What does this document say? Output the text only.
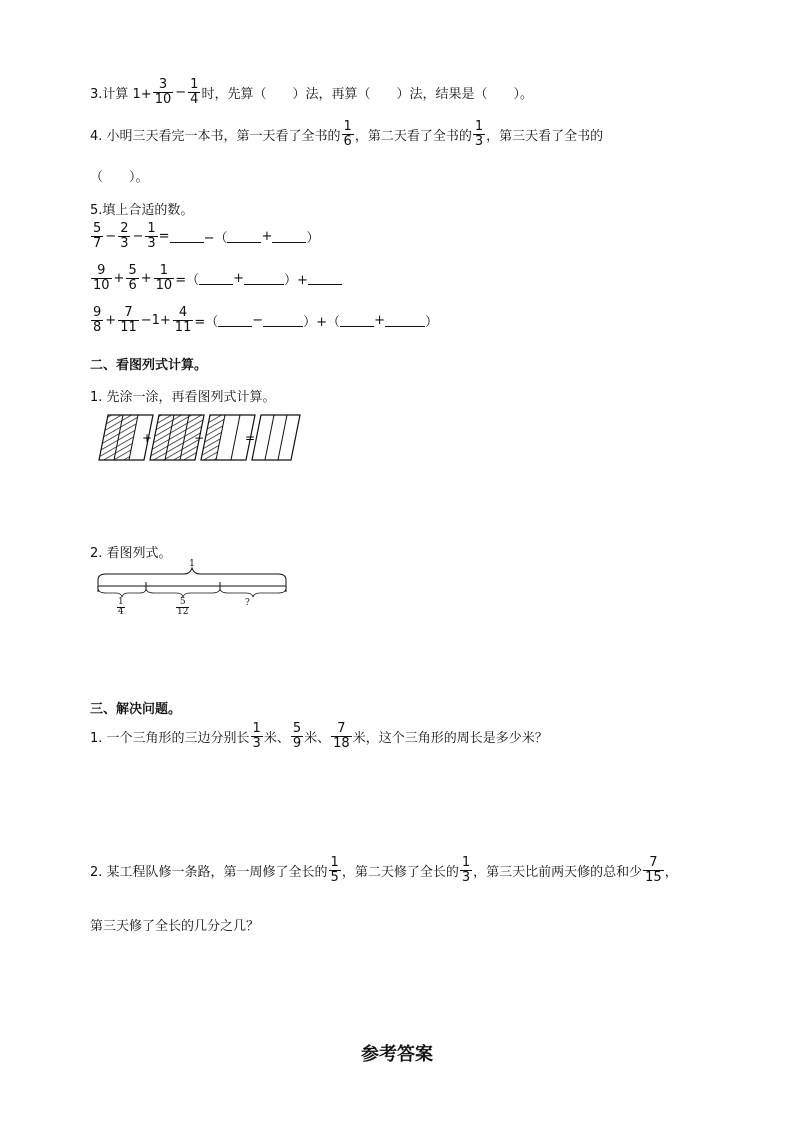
3.计算 $1+ \frac{3}{10} - \frac{1}{4}$ 时，先算（　　）法，再算（　　）法，结果是（　　）。
4. 小明三天看完一本书，第一天看了全书的 $\frac{1}{6}$ ，第二天看了全书的 $\frac{1}{3}$ ，第三天看了全书的
（　　）。
5.填上合适的数。
$\frac{5}{7} - \frac{2}{3} - \frac{1}{3}$ =	−（	+	）
$\frac{9}{10} + \frac{5}{6} + \frac{1}{10}$ =（	+	）+
$\frac{9}{8} + \frac{7}{11} -1+ \frac{4}{11}$ =（	−	）+（	+	）
二、看图列式计算。
1. 先涂一涂，再看图列式计算。
+	−	=
2. 看图列式。
1
1
4
5
12
?
三、解决问题。
1. 一个三角形的三边分别长 $\frac{1}{3}$ 米、 $\frac{5}{9}$ 米、 $\frac{7}{18}$ 米，这个三角形的周长是多少米？
2. 某工程队修一条路，第一周修了全长的 $\frac{1}{5}$ ，第二天修了全长的 $\frac{1}{3}$ ，第三天比前两天修的总和少 $\frac{7}{15}$ ，
第三天修了全长的几分之几？
参考答案
